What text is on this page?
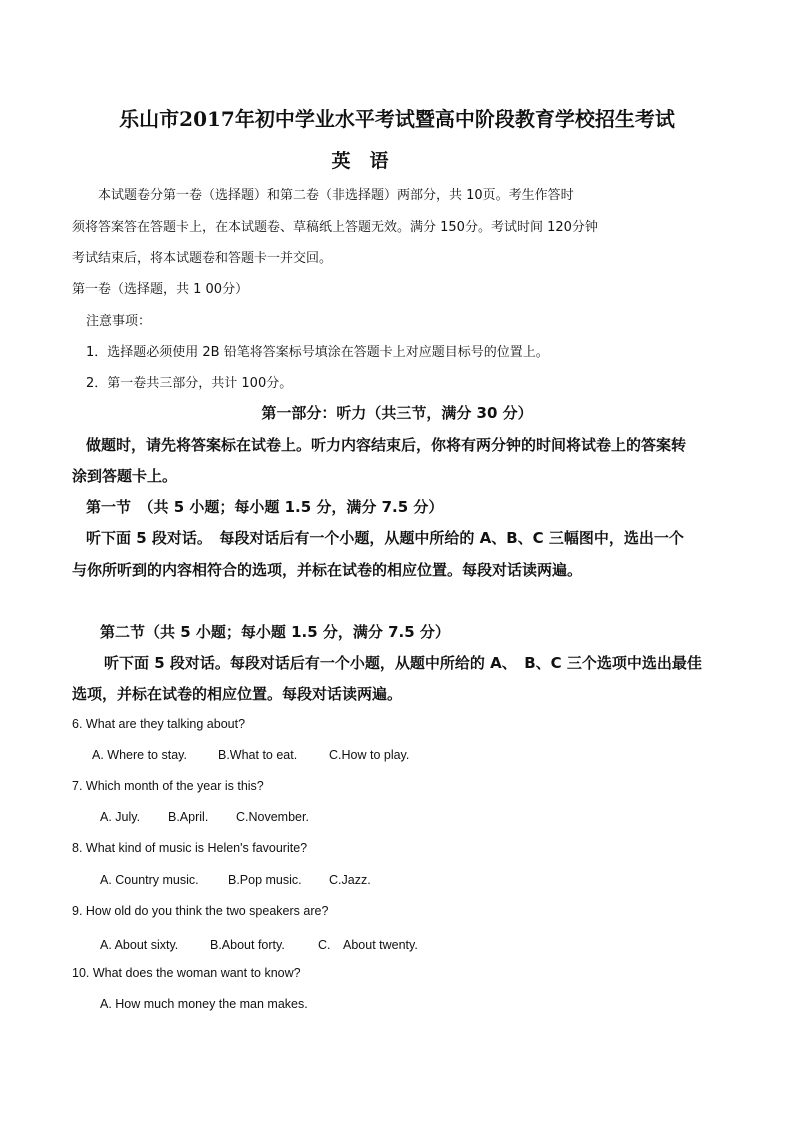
乐山市2017年初中学业水平考试暨高中阶段教育学校招生考试
英　语
本试题卷分第一卷（选择题）和第二卷（非选择题）两部分，共 10页。考生作答时
须将答案答在答题卡上，在本试题卷、草稿纸上答题无效。满分 150分。考试时间 120分钟
考试结束后，将本试题卷和答题卡一并交回。
第一卷（选择题，共 1 00分）
注意事项：
1．选择题必须使用 2B 铅笔将答案标号填涂在答题卡上对应题目标号的位置上。
2．第一卷共三部分，共计 100分。
第一部分：听力（共三节，满分 30 分）
做题时，请先将答案标在试卷上。听力内容结束后，你将有两分钟的时间将试卷上的答案转
涂到答题卡上。
第一节　（共 5 小题；每小题 1.5 分，满分 7.5 分）
听下面 5 段对话。　每段对话后有一个小题，从题中所给的 A、B、C 三幅图中，选出一个
与你所听到的内容相符合的选项，并标在试卷的相应位置。每段对话读两遍。
第二节（共 5 小题；每小题 1.5 分，满分 7.5 分）
听下面 5 段对话。每段对话后有一个小题，从题中所给的 A、　B、C 三个选项中选出最佳
选项，并标在试卷的相应位置。每段对话读两遍。
6. What are they talking about?
A. Where to stay. B.What to eat.	C.How to play.
7. Which month of the year is this?
A. July. B.April. C.November.
8. What kind of music is Helen's favourite?
A. Country music. B.Pop music. C.Jazz.
9. How old do you think the two speakers are?
A. About sixty.	B.About forty.	C.　About twenty.
10. What does the woman want to know?
A. How much money the man makes.
